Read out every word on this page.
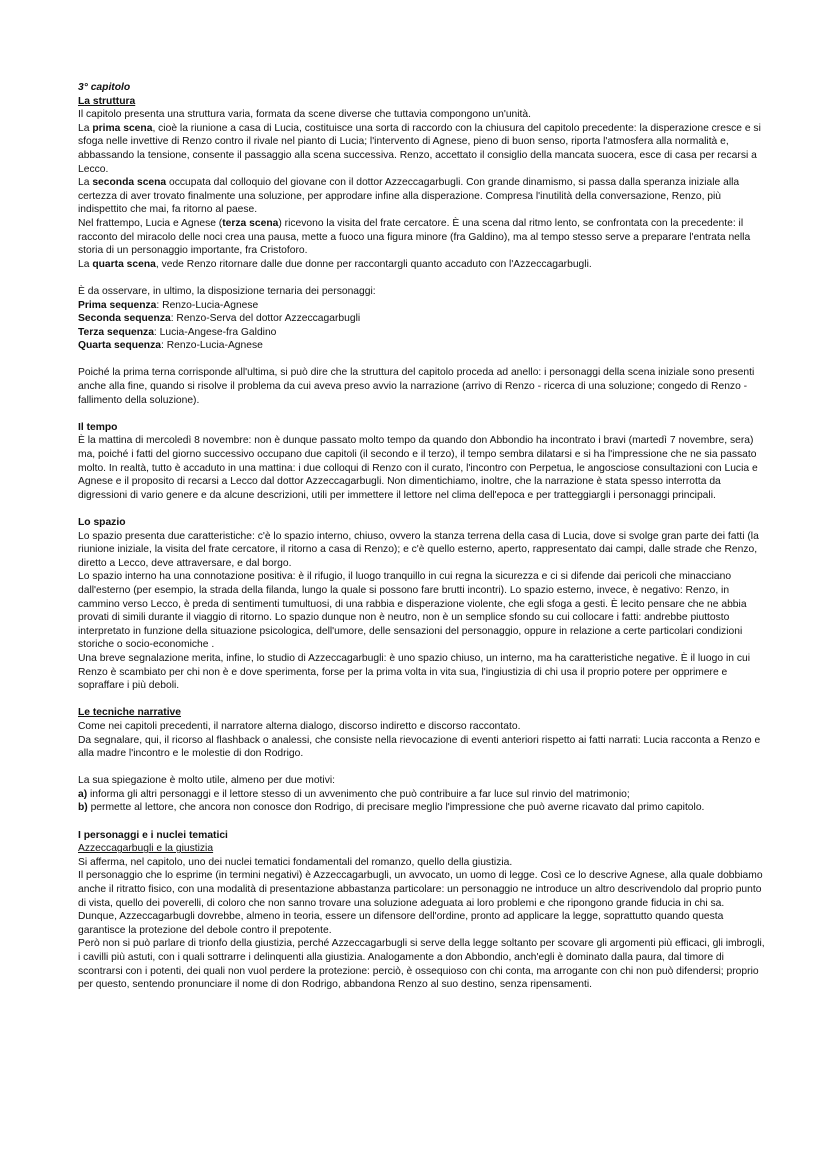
3° capitolo

La struttura

Il capitolo presenta una struttura varia, formata da scene diverse che tuttavia compongono un'unità.

La prima scena, cioè la riunione a casa di Lucia, costituisce una sorta di raccordo con la chiusura del capitolo precedente: la disperazione cresce e si sfoga nelle invettive di Renzo contro il rivale nel pianto di Lucia; l'intervento di Agnese, pieno di buon senso, riporta l'atmosfera alla normalità e, abbassando la tensione, consente il passaggio alla scena successiva. Renzo, accettato il consiglio della mancata suocera, esce di casa per recarsi a Lecco.

La seconda scena occupata dal colloquio del giovane con il dottor Azzeccagarbugli. Con grande dinamismo, si passa dalla speranza iniziale alla certezza di aver trovato finalmente una soluzione, per approdare infine alla disperazione. Compresa l'inutilità della conversazione, Renzo, più indispettito che mai, fa ritorno al paese.

Nel frattempo, Lucia e Agnese (terza scena) ricevono la visita del frate cercatore. È una scena dal ritmo lento, se confrontata con la precedente: il racconto del miracolo delle noci crea una pausa, mette a fuoco una figura minore (fra Galdino), ma al tempo stesso serve a preparare l'entrata nella storia di un personaggio importante, fra Cristoforo.

La quarta scena, vede Renzo ritornare dalle due donne per raccontargli quanto accaduto con l'Azzeccagarbugli.

È da osservare, in ultimo, la disposizione ternaria dei personaggi:

Prima sequenza: Renzo-Lucia-Agnese

Seconda sequenza: Renzo-Serva del dottor Azzeccagarbugli

Terza sequenza: Lucia-Angese-fra Galdino

Quarta sequenza: Renzo-Lucia-Agnese

Poiché la prima terna corrisponde all'ultima, si può dire che la struttura del capitolo proceda ad anello: i personaggi della scena iniziale sono presenti anche alla fine, quando si risolve il problema da cui aveva preso avvio la narrazione (arrivo di Renzo - ricerca di una soluzione; congedo di Renzo - fallimento della soluzione).

Il tempo

È la mattina di mercoledì 8 novembre: non è dunque passato molto tempo da quando don Abbondio ha incontrato i bravi (martedì 7 novembre, sera) ma, poiché i fatti del giorno successivo occupano due capitoli (il secondo e il terzo), il tempo sembra dilatarsi e si ha l'impressione che ne sia passato molto. In realtà, tutto è accaduto in una mattina: i due colloqui di Renzo con il curato, l'incontro con Perpetua, le angosciose consultazioni con Lucia e Agnese e il proposito di recarsi a Lecco dal dottor Azzeccagarbugli. Non dimentichiamo, inoltre, che la narrazione è stata spesso interrotta da digressioni di vario genere e da alcune descrizioni, utili per immettere il lettore nel clima dell'epoca e per tratteggiargli i personaggi principali.

Lo spazio

Lo spazio presenta due caratteristiche: c'è lo spazio interno, chiuso, ovvero la stanza terrena della casa di Lucia, dove si svolge gran parte dei fatti (la riunione iniziale, la visita del frate cercatore, il ritorno a casa di Renzo); e c'è quello esterno, aperto, rappresentato dai campi, dalle strade che Renzo, diretto a Lecco, deve attraversare, e dal borgo.

Lo spazio interno ha una connotazione positiva: è il rifugio, il luogo tranquillo in cui regna la sicurezza e ci si difende dai pericoli che minacciano dall'esterno (per esempio, la strada della filanda, lungo la quale si possono fare brutti incontri). Lo spazio esterno, invece, è negativo: Renzo, in cammino verso Lecco, è preda di sentimenti tumultuosi, di una rabbia e disperazione violente, che egli sfoga a gesti. È lecito pensare che ne abbia provati di simili durante il viaggio di ritorno. Lo spazio dunque non è neutro, non è un semplice sfondo su cui collocare i fatti: andrebbe piuttosto interpretato in funzione della situazione psicologica, dell'umore, delle sensazioni del personaggio, oppure in relazione a certe particolari condizioni storiche o socio-economiche .

Una breve segnalazione merita, infine, lo studio di Azzeccagarbugli: è uno spazio chiuso, un interno, ma ha caratteristiche negative. È il luogo in cui Renzo è scambiato per chi non è e dove sperimenta, forse per la prima volta in vita sua, l'ingiustizia di chi usa il proprio potere per opprimere e sopraffare i più deboli.

Le tecniche narrative

Come nei capitoli precedenti, il narratore alterna dialogo, discorso indiretto e discorso raccontato.

Da segnalare, qui, il ricorso al flashback o analessi, che consiste nella rievocazione di eventi anteriori rispetto ai fatti narrati: Lucia racconta a Renzo e alla madre l'incontro e le molestie di don Rodrigo.

La sua spiegazione è molto utile, almeno per due motivi:

a) informa gli altri personaggi e il lettore stesso di un avvenimento che può contribuire a far luce sul rinvio del matrimonio;

b) permette al lettore, che ancora non conosce don Rodrigo, di precisare meglio l'impressione che può averne ricavato dal primo capitolo.

I personaggi e i nuclei tematici

Azzeccagarbugli e la giustizia

Si afferma, nel capitolo, uno dei nuclei tematici fondamentali del romanzo, quello della giustizia.

Il personaggio che lo esprime (in termini negativi) è Azzeccagarbugli, un avvocato, un uomo di legge. Così ce lo descrive Agnese, alla quale dobbiamo anche il ritratto fisico, con una modalità di presentazione abbastanza particolare: un personaggio ne introduce un altro descrivendolo dal proprio punto di vista, quello dei poverelli, di coloro che non sanno trovare una soluzione adeguata ai loro problemi e che ripongono grande fiducia in chi sa.

Dunque, Azzeccagarbugli dovrebbe, almeno in teoria, essere un difensore dell'ordine, pronto ad applicare la legge, soprattutto quando questa garantisce la protezione del debole contro il prepotente.

Però non si può parlare di trionfo della giustizia, perché Azzeccagarbugli si serve della legge soltanto per scovare gli argomenti più efficaci, gli imbrogli, i cavilli più astuti, con i quali sottrarre i delinquenti alla giustizia. Analogamente a don Abbondio, anch'egli è dominato dalla paura, dal timore di scontrarsi con i potenti, dei quali non vuol perdere la protezione: perciò, è ossequioso con chi conta, ma arrogante con chi non può difendersi; proprio per questo, sentendo pronunciare il nome di don Rodrigo, abbandona Renzo al suo destino, senza ripensamenti.
